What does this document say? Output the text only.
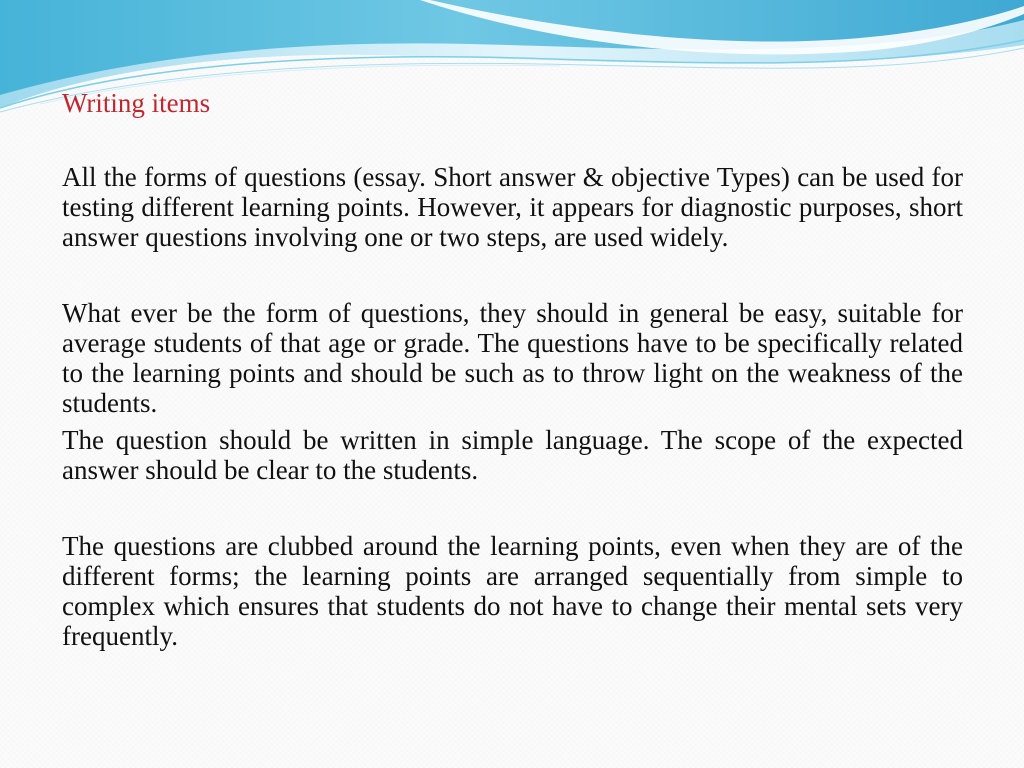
Writing items

All the forms of questions (essay. Short answer & objective Types) can be used for testing different learning points. However, it appears for diagnostic purposes, short answer questions involving one or two steps, are used widely.

What ever be the form of questions, they should in general be easy, suitable for average students of that age or grade. The questions have to be specifically related to the learning points and should be such as to throw light on the weakness of the students.

The question should be written in simple language. The scope of the expected answer should be clear to the students.

The questions are clubbed around the learning points, even when they are of the different forms; the learning points are arranged sequentially from simple to complex which ensures that students do not have to change their mental sets very frequently.
